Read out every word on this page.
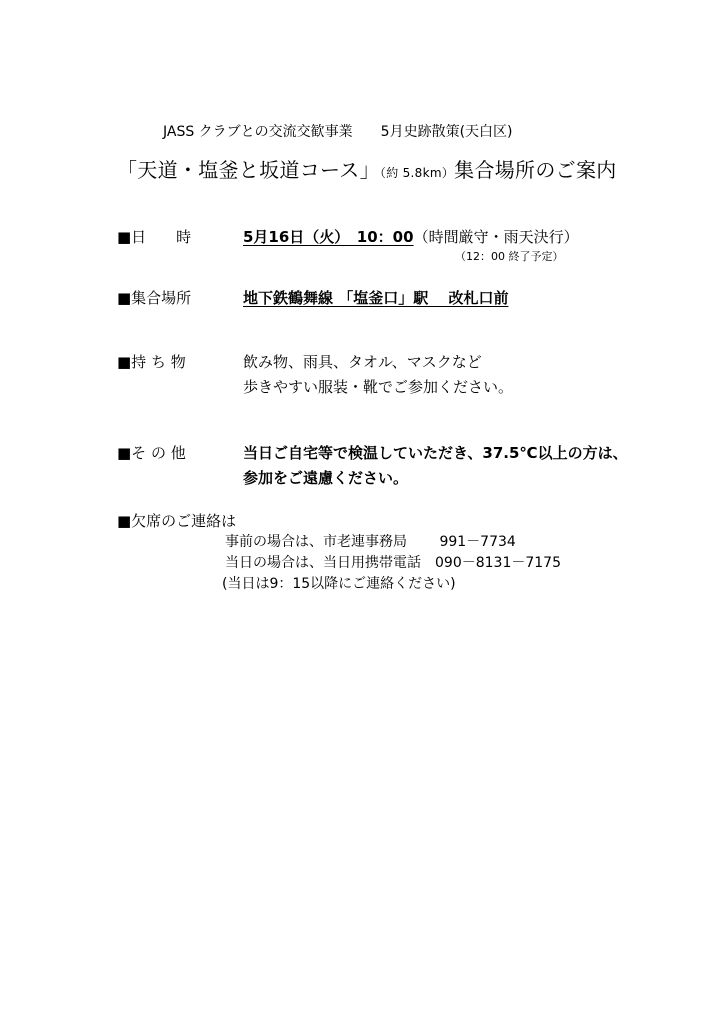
JASS クラブとの交流交歓事業　　5月史跡散策(天白区)
「天道・塩釜と坂道コース」（約 5.8km）集合場所のご案内
■日　　時	5月16日（火）　10：00（時間厳守・雨天決行）
（12：00 終了予定）
■集合場所	地下鉄鶴舞線 「塩釜口」駅　 改札口前
■持 ち 物	飲み物、雨具、タオル、マスクなど
歩きやすい服装・靴でご参加ください。
■そ の 他	当日ご自宅等で検温していただき、37.5℃以上の方は、
参加をご遠慮ください。
■欠席のご連絡は
事前の場合は、市老連事務局　　 991－7734
当日の場合は、当日用携帯電話　090－8131－7175
(当日は9：15以降にご連絡ください)
